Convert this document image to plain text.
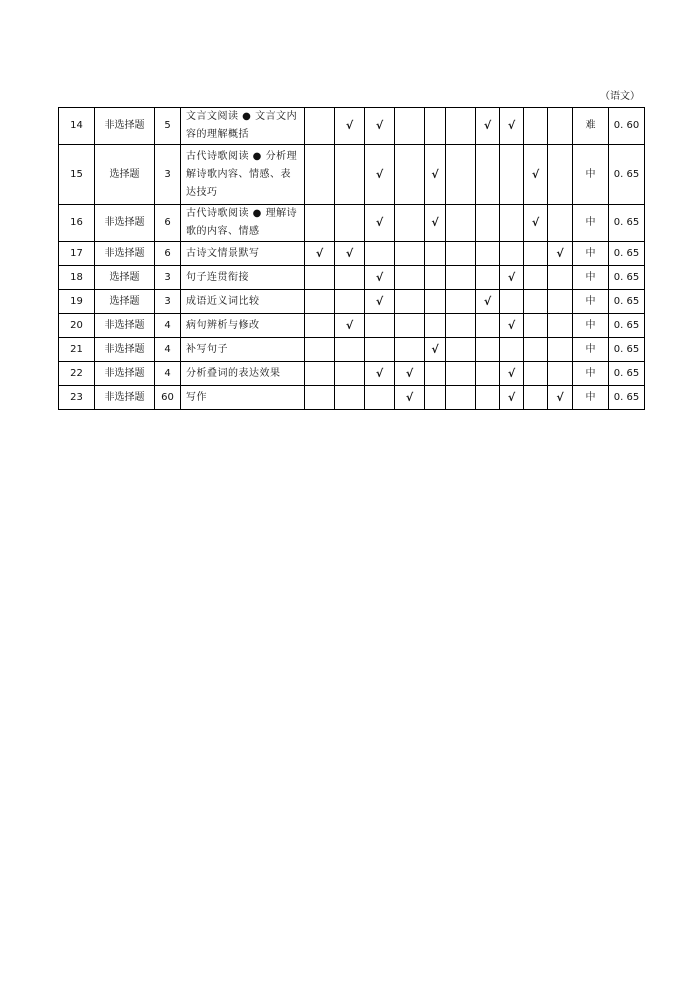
（语文）
14	非选择题	5	文言文阅读 ● 文言文内容的理解概括		√	√				√	√			难	0. 60
15	选择题	3	古代诗歌阅读 ● 分析理解诗歌内容、情感、表达技巧			√		√				√		中	0. 65
16	非选择题	6	古代诗歌阅读 ● 理解诗歌的内容、情感			√		√				√		中	0. 65
17	非选择题	6	古诗文情景默写	√	√								√	中	0. 65
18	选择题	3	句子连贯衔接			√					√			中	0. 65
19	选择题	3	成语近义词比较			√				√				中	0. 65
20	非选择题	4	病句辨析与修改		√						√			中	0. 65
21	非选择题	4	补写句子					√						中	0. 65
22	非选择题	4	分析叠词的表达效果			√	√				√			中	0. 65
23	非选择题	60	写作				√				√		√	中	0. 65
